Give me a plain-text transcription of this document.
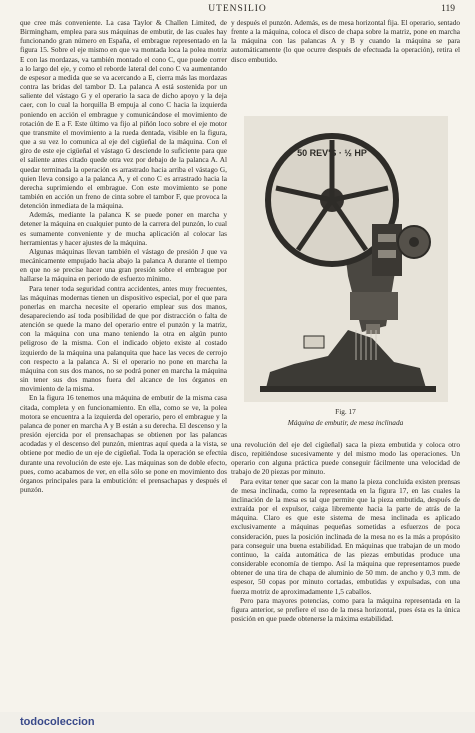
UTENSILIO	119

que cree más conveniente. La casa Taylor & Challen Limited, de Birmingham, emplea para sus máquinas de embutir, de las cuales hay funcionando gran número en España, el embrague representado en la figura 15. Sobre el eje mismo en que va montada loca la polea motriz E con las mordazas, va también montado el cono C, que puede correr a lo largo del eje, y como el reborde lateral del cono C va aumentando de espesor a medida que se va acercando a E, cierra más las mordazas contra las bridas del tambor D. La palanca A está sostenida por un saliente del vástago G y el operario la saca de dicho apoyo y la deja caer, con lo cual la horquilla B empuja al cono C hacia la izquierda poniendo en acción el embrague y comunicándose el movimiento de rotación de E a F. Este último va fijo al piñón loco sobre el eje motor que transmite el movimiento a la rueda dentada, visible en la figura, que a su vez lo comunica al eje del cigüeñal de la máquina. Con el giro de este eje cigüeñal el vástago G desciende lo suficiente para que el saliente antes citado quede otra vez por debajo de la palanca A. Al quedar terminada la operación es arrastrado hacia arriba el vástago G, quien lleva consigo a la palanca A, y el cono C es arrastrado hacia la derecha suprimiendo el embrague. Con este movimiento se pone también en acción un freno de cinta sobre el tambor F, que provoca la detención inmediata de la máquina.

Además, mediante la palanca K se puede poner en marcha y detener la máquina en cualquier punto de la carrera del punzón, lo cual es sumamente conveniente y de mucha aplicación al colocar las herramientas y hacer ajustes de la máquina.

Algunas máquinas llevan también el vástago de presión J que va mecánicamente empujado hacia abajo la palanca A durante el tiempo en que no se precise hacer una gran presión sobre el embrague por hallarse la máquina en periodo de esfuerzo mínimo.

Para tener toda seguridad contra accidentes, antes muy frecuentes, las máquinas modernas tienen un dispositivo especial, por el que para ponerlas en marcha necesite el operario emplear sus dos manos, desapareciendo así toda posibilidad de que por distracción o falta de atención se quede la mano del operario entre el punzón y la matriz, con la máquina con una mano teniendo la otra en algún punto peligroso de la misma. Con el indicado objeto existe al costado izquierdo de la máquina una palanquita que hace las veces de cerrojo con respecto a la palanca A. Si el operario no pone en marcha la máquina con sus dos manos, no se podrá poner en marcha la máquina sin tener sus dos manos fuera del alcance de los órganos en movimiento de la misma.

En la figura 16 tenemos una máquina de embutir de la misma casa citada, completa y en funcionamiento. En ella, como se ve, la polea motora se encuentra a la izquierda del operario, pero el embrague y la palanca de poner en marcha A y B están a su derecha. El descenso y la presión ejercida por el prensachapas se obtienen por las palancas acodadas y el descenso del punzón, mientras aquí queda a la vista, se obtiene por medio de un eje de cigüeñal. Toda la operación se efectúa durante una revolución de este eje. Las máquinas son de doble efecto, pues, como acabamos de ver, en ella sólo se pone en movimiento dos órganos principales para la embutición: el prensachapas y después el punzón.

y después el punzón. Además, es de mesa horizontal fija. El operario, sentado frente a la máquina, coloca el disco de chapa sobre la matriz, pone en marcha la máquina con las palancas A y B y cuando la máquina se para automáticamente (lo que ocurre después de efectuada la operación), retira el disco embutido.

50 REV'S · ½ HP
Fig. 17
Máquina de embutir, de mesa inclinada

una revolución del eje del cigüeñal) saca la pieza embutida y coloca otro disco, repitiéndose sucesivamente y del mismo modo las operaciones. Un operario con alguna práctica puede conseguir fácilmente una velocidad de trabajo de 20 piezas por minuto.

Para evitar tener que sacar con la mano la pieza concluida existen prensas de mesa inclinada, como la representada en la figura 17, en las cuales la inclinación de la mesa es tal que permite que la pieza embutida, después de extraída por el expulsor, caiga libremente hacia la parte de atrás de la máquina. Claro es que este sistema de mesa inclinada es aplicado exclusivamente a máquinas pequeñas sometidas a esfuerzos de poca consideración, pues la posición inclinada de la mesa no es la más a propósito para conseguir una buena estabilidad. En máquinas que trabajan de un modo continuo, la caída automática de las piezas embutidas produce una considerable economía de tiempo. Así la máquina que representamos puede obtener de una tira de chapa de aluminio de 50 mm. de ancho y 0,3 mm. de espesor, 50 copas por minuto cortadas, embutidas y expulsadas, con una fuerza motriz de aproximadamente 1,5 caballos.

Pero para mayores potencias, como para la máquina representada en la figura anterior, se prefiere el uso de la mesa horizontal, pues ésta es la única posición en que puede obtenerse la máxima estabilidad.

todocoleccion
